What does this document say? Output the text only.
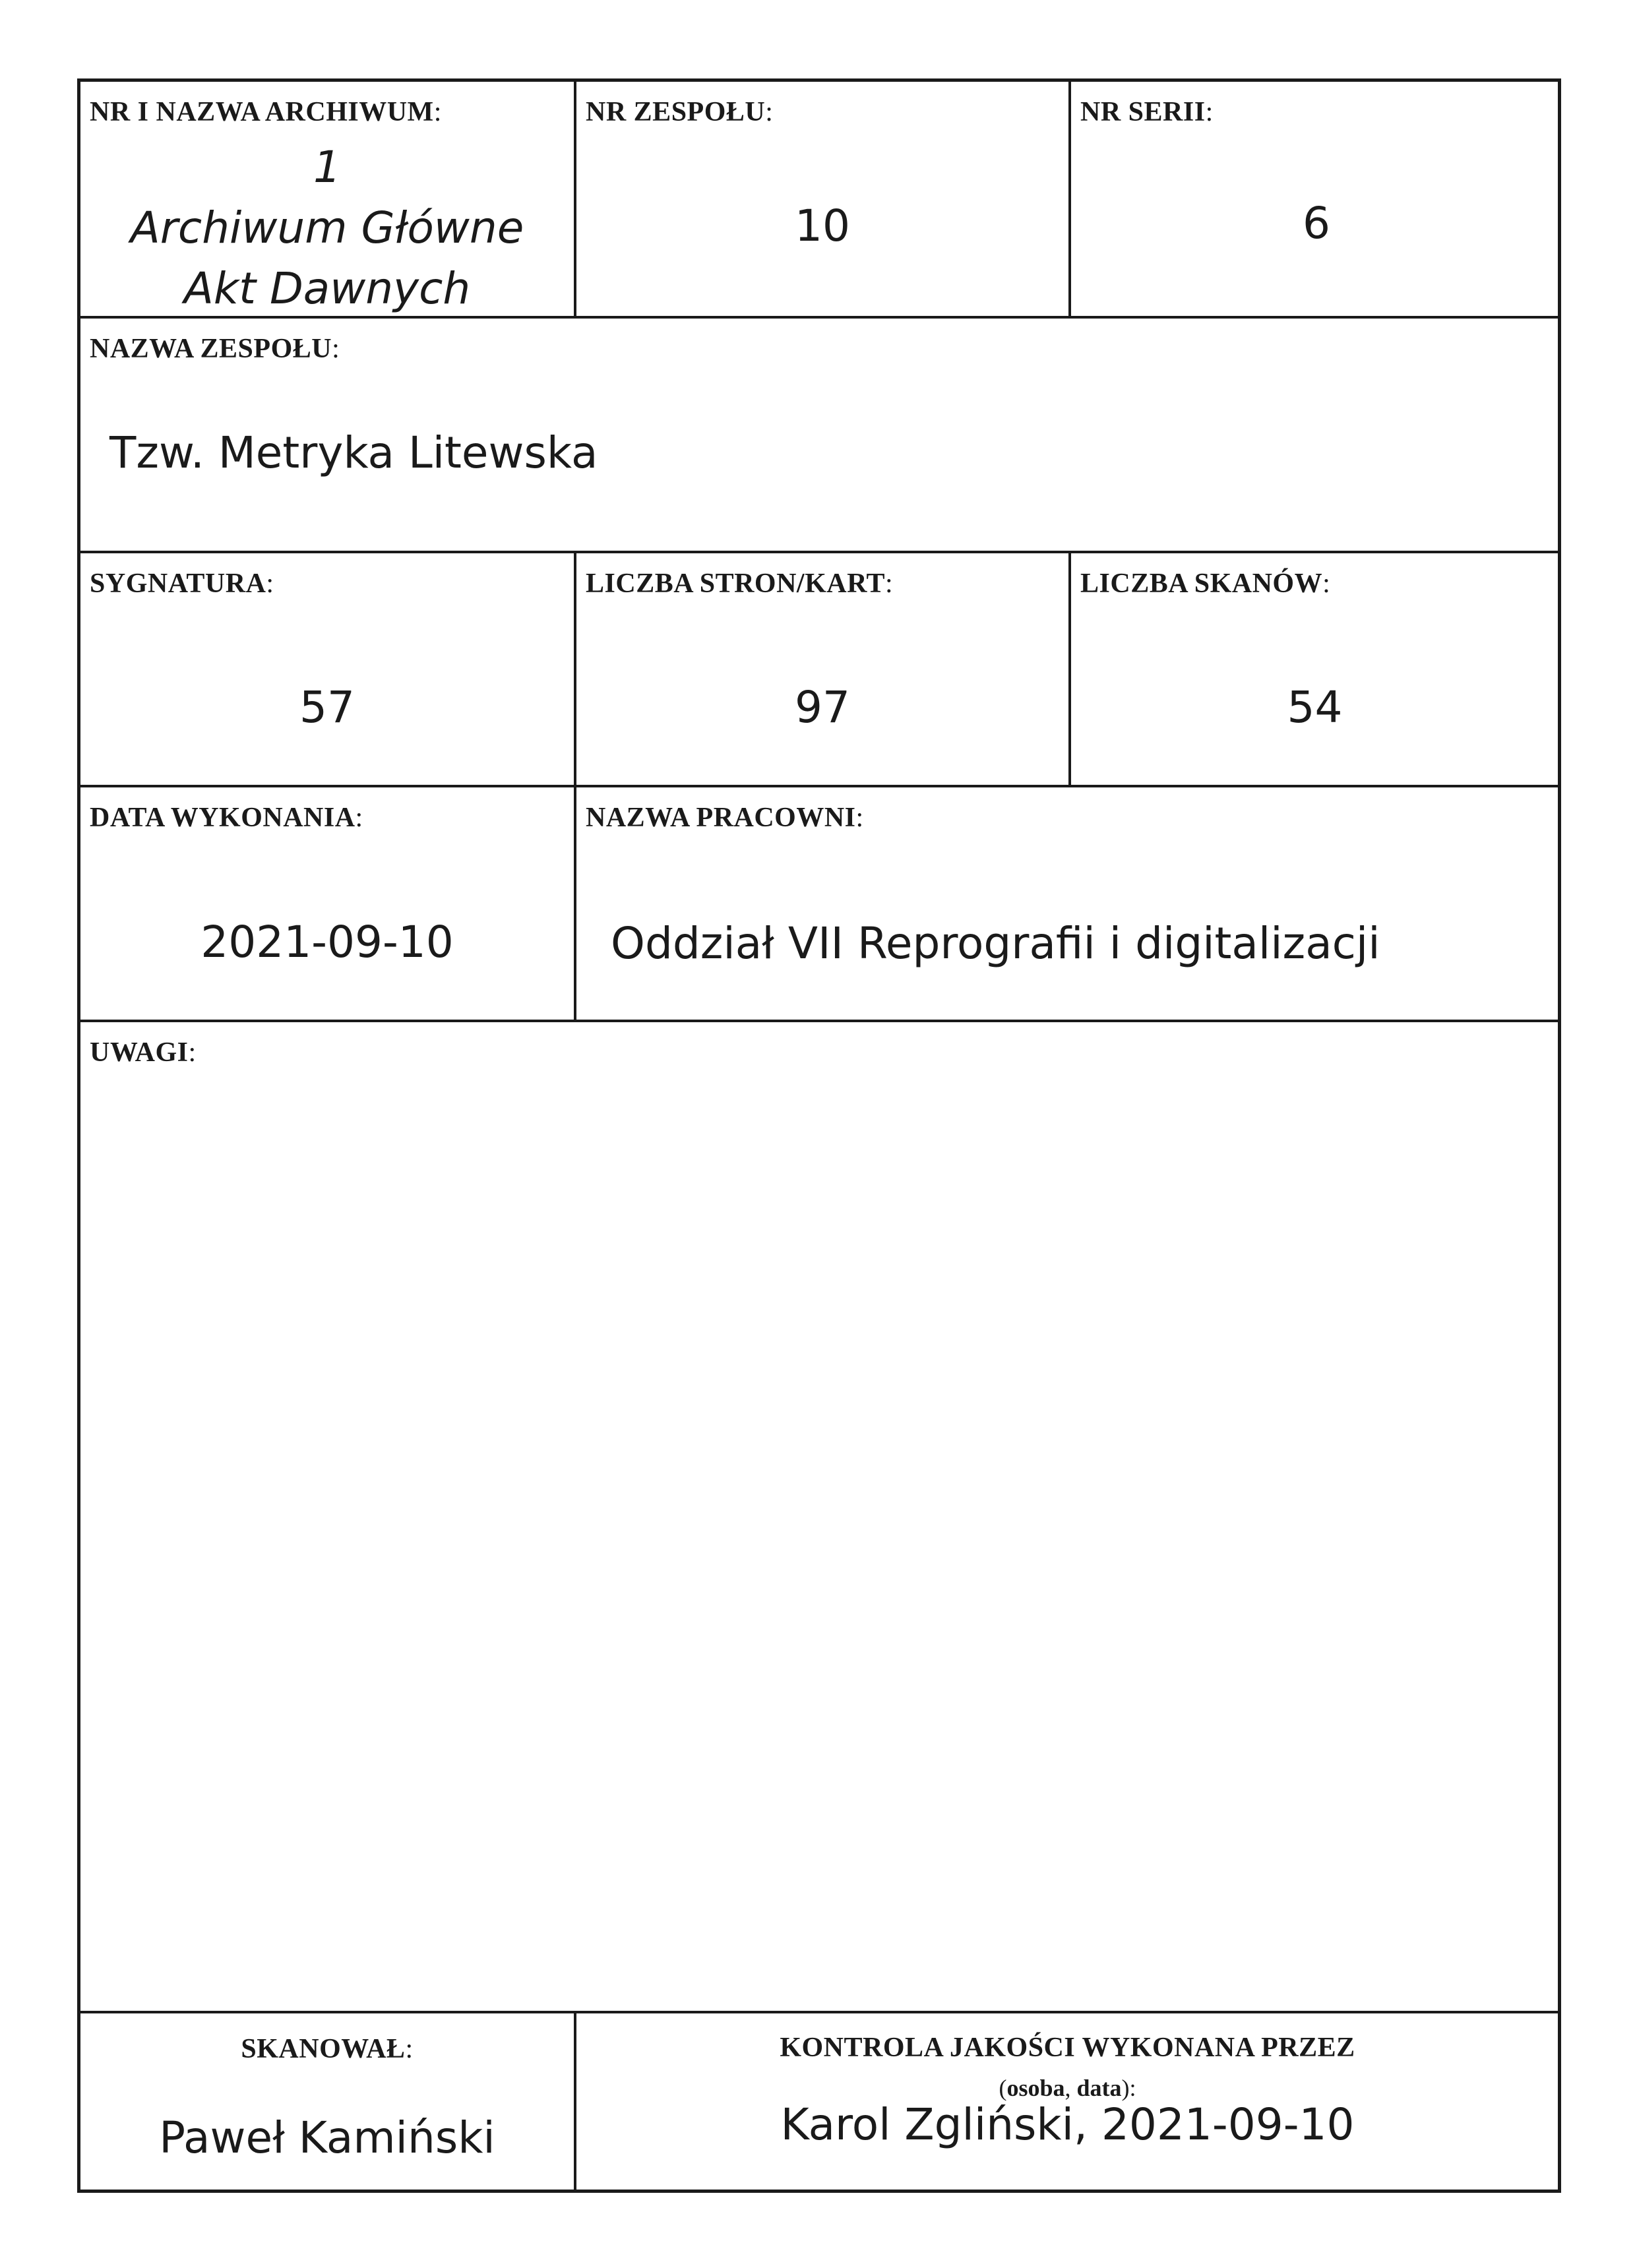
NR I NAZWA ARCHIWUM:
1
Archiwum Główne
Akt Dawnych
NR ZESPOŁU:
10
NR SERII:
6
NAZWA ZESPOŁU:
Tzw. Metryka Litewska
SYGNATURA:
57
LICZBA STRON/KART:
97
LICZBA SKANÓW:
54
DATA WYKONANIA:
2021-09-10
NAZWA PRACOWNI:
Oddział VII Reprografii i digitalizacji
UWAGI:
SKANOWAŁ:
Paweł Kamiński
KONTROLA JAKOŚCI WYKONANA PRZEZ
(osoba, data):
Karol Zgliński, 2021-09-10
